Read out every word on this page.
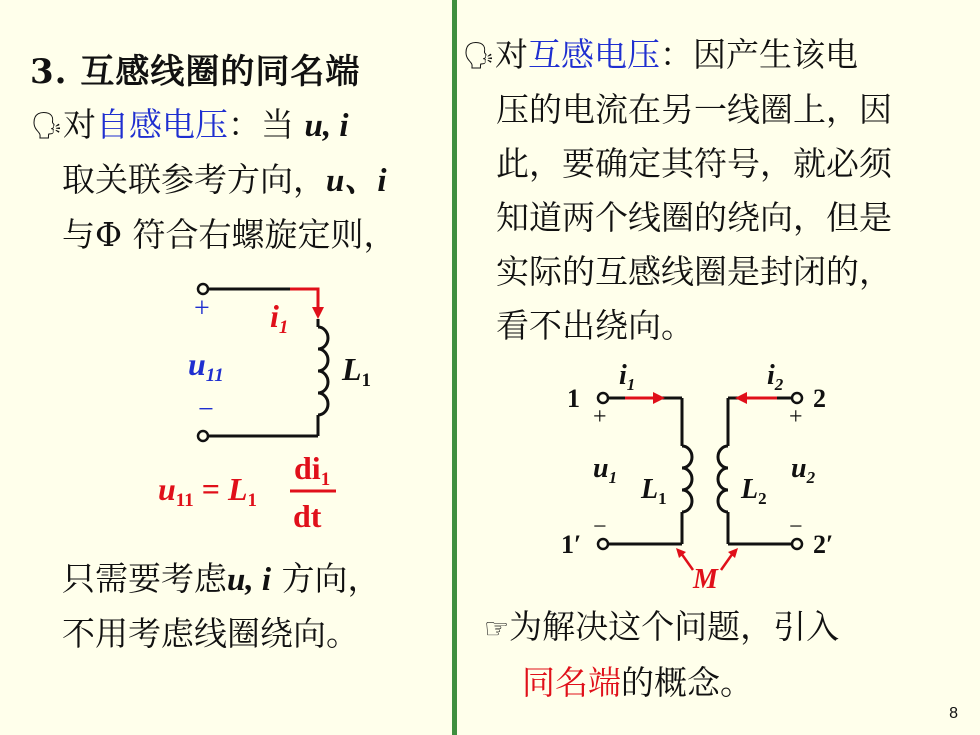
3. 互感线圈的同名端
🗣对自感电压：当 u, i
取关联参考方向，u、i
与Φ 符合右螺旋定则，
+
−
i1
u11	L1
u11 = L1
di1
dt
只需要考虑u, i 方向，
不用考虑线圈绕向。
🗣对互感电压：因产生该电
压的电流在另一线圈上，因
此，要确定其符号，就必须
知道两个线圈的绕向，但是
实际的互感线圈是封闭的，
看不出绕向。
M
1
1′
2
2′
+
−
+
−
$i_1$	$i_2$
$u_1$	$u_2$
$L_1$	$L_2$
☞为解决这个问题，引入
同名端的概念。
8
